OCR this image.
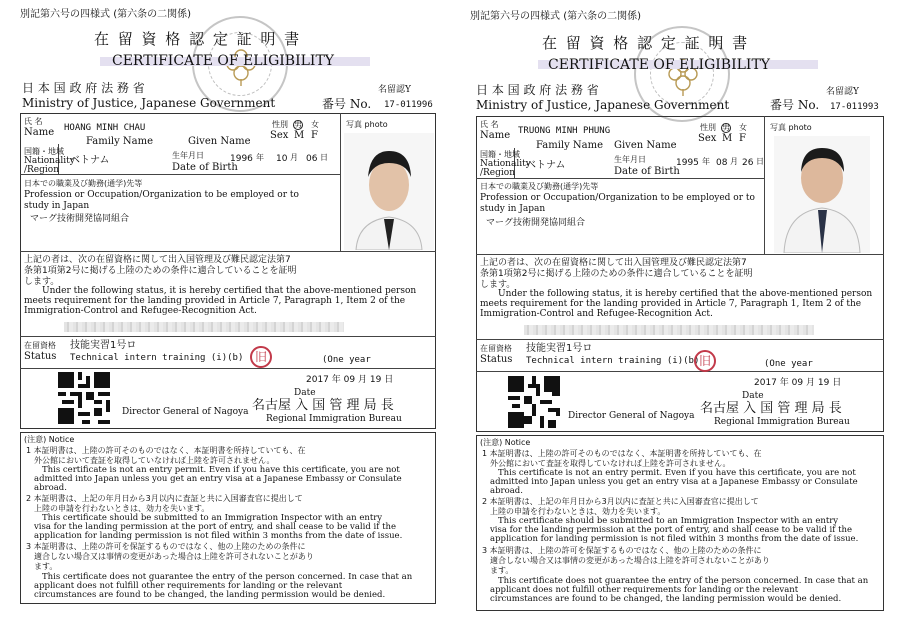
別記第六号の四様式 (第六条の二関係)
在 留 資 格 認 定 証 明 書
CERTIFICATE OF ELIGIBILITY
日 本 国 政 府 法 務 省
Ministry of Justice, Japanese Government
名留認Y
番号 No. 17-011996
氏 名
Name HOANG MINH CHAU
Family Name	Given Name
性別 男 女
Sex M F
写真 photo
国籍・地域
Nationality
/Region
ベトナム	生年月日
Date of Birth
1996 年 10 月 06 日
日本での職業及び勤務(通学)先等
Profession or Occupation/Organization to be employed or to
study in Japan
マーグ技術開発協同組合
上記の者は、次の在留資格に関して出入国管理及び難民認定法第7
条第1項第2号に掲げる上陸のための条件に適合していることを証明
します。
Under the following status, it is hereby certified that the above-mentioned person
meets requirement for the landing provided in Article 7, Paragraph 1, Item 2 of the
Immigration-Control and Refugee-Recognition Act.
在留資格
Status
技能実習1号ロ
Technical intern training (i)(b) 旧	(One year
2017 年 09 月 19 日
Date
Director General of Nagoya 名古屋 入 国 管 理 局 長
Regional Immigration Bureau
(注意) Notice
1 本証明書は、上陸の許可そのものではなく、本証明書を所持していても、在
外公館において査証を取得していなければ上陸を許可されません。
This certificate is not an entry permit. Even if you have this certificate, you are not
admitted into Japan unless you get an entry visa at a Japanese Embassy or Consulate
abroad.
2 本証明書は、上記の年月日から3月以内に査証と共に入国審査官に提出して
上陸の申請を行わないときは、効力を失います。
This certificate should be submitted to an Immigration Inspector with an entry
visa for the landing permission at the port of entry, and shall cease to be valid if the
application for landing permission is not filed within 3 months from the date of issue.
3 本証明書は、上陸の許可を保証するものではなく、他の上陸のための条件に
適合しない場合又は事情の変更があった場合は上陸を許可されないことがあり
ます。
This certificate does not guarantee the entry of the person concerned. In case that an
applicant does not fulfill other requirements for landing or the relevant
circumstances are found to be changed, the landing permission would be denied.
別記第六号の四様式 (第六条の二関係)
在 留 資 格 認 定 証 明 書
CERTIFICATE OF ELIGIBILITY
日 本 国 政 府 法 務 省
Ministry of Justice, Japanese Government
名留認Y
番号 No. 17-011993
氏 名
Name TRUONG MINH PHUNG
Family Name Given Name
性別 男 女
Sex M F
写真 photo
国籍・地域
Nationality
/Region
ベトナム
生年月日
Date of Birth
1995 年 08 月 26 日
日本での職業及び勤務(通学)先等
Profession or Occupation/Organization to be employed or to
study in Japan
マーグ技術開発協同組合
上記の者は、次の在留資格に関して出入国管理及び難民認定法第7
条第1項第2号に掲げる上陸のための条件に適合していることを証明
します。
Under the following status, it is hereby certified that the above-mentioned person
meets requirement for the landing provided in Article 7, Paragraph 1, Item 2 of the
Immigration-Control and Refugee-Recognition Act.
在留資格
Status
技能実習1号ロ
Technical intern training (i)(b) 旧	(One year
2017 年 09 月 19 日
Date
Director General of Nagoya 名古屋 入 国 管 理 局 長
Regional Immigration Bureau
(注意) Notice
1 本証明書は、上陸の許可そのものではなく、本証明書を所持していても、在
外公館において査証を取得していなければ上陸を許可されません。
This certificate is not an entry permit. Even if you have this certificate, you are not
admitted into Japan unless you get an entry visa at a Japanese Embassy or Consulate
abroad.
2 本証明書は、上記の年月日から3月以内に査証と共に入国審査官に提出して
上陸の申請を行わないときは、効力を失います。
This certificate should be submitted to an Immigration Inspector with an entry
visa for the landing permission at the port of entry, and shall cease to be valid if the
application for landing permission is not filed within 3 months from the date of issue.
3 本証明書は、上陸の許可を保証するものではなく、他の上陸のための条件に
適合しない場合又は事情の変更があった場合は上陸を許可されないことがあり
ます。
This certificate does not guarantee the entry of the person concerned. In case that an
applicant does not fulfill other requirements for landing or the relevant
circumstances are found to be changed, the landing permission would be denied.
